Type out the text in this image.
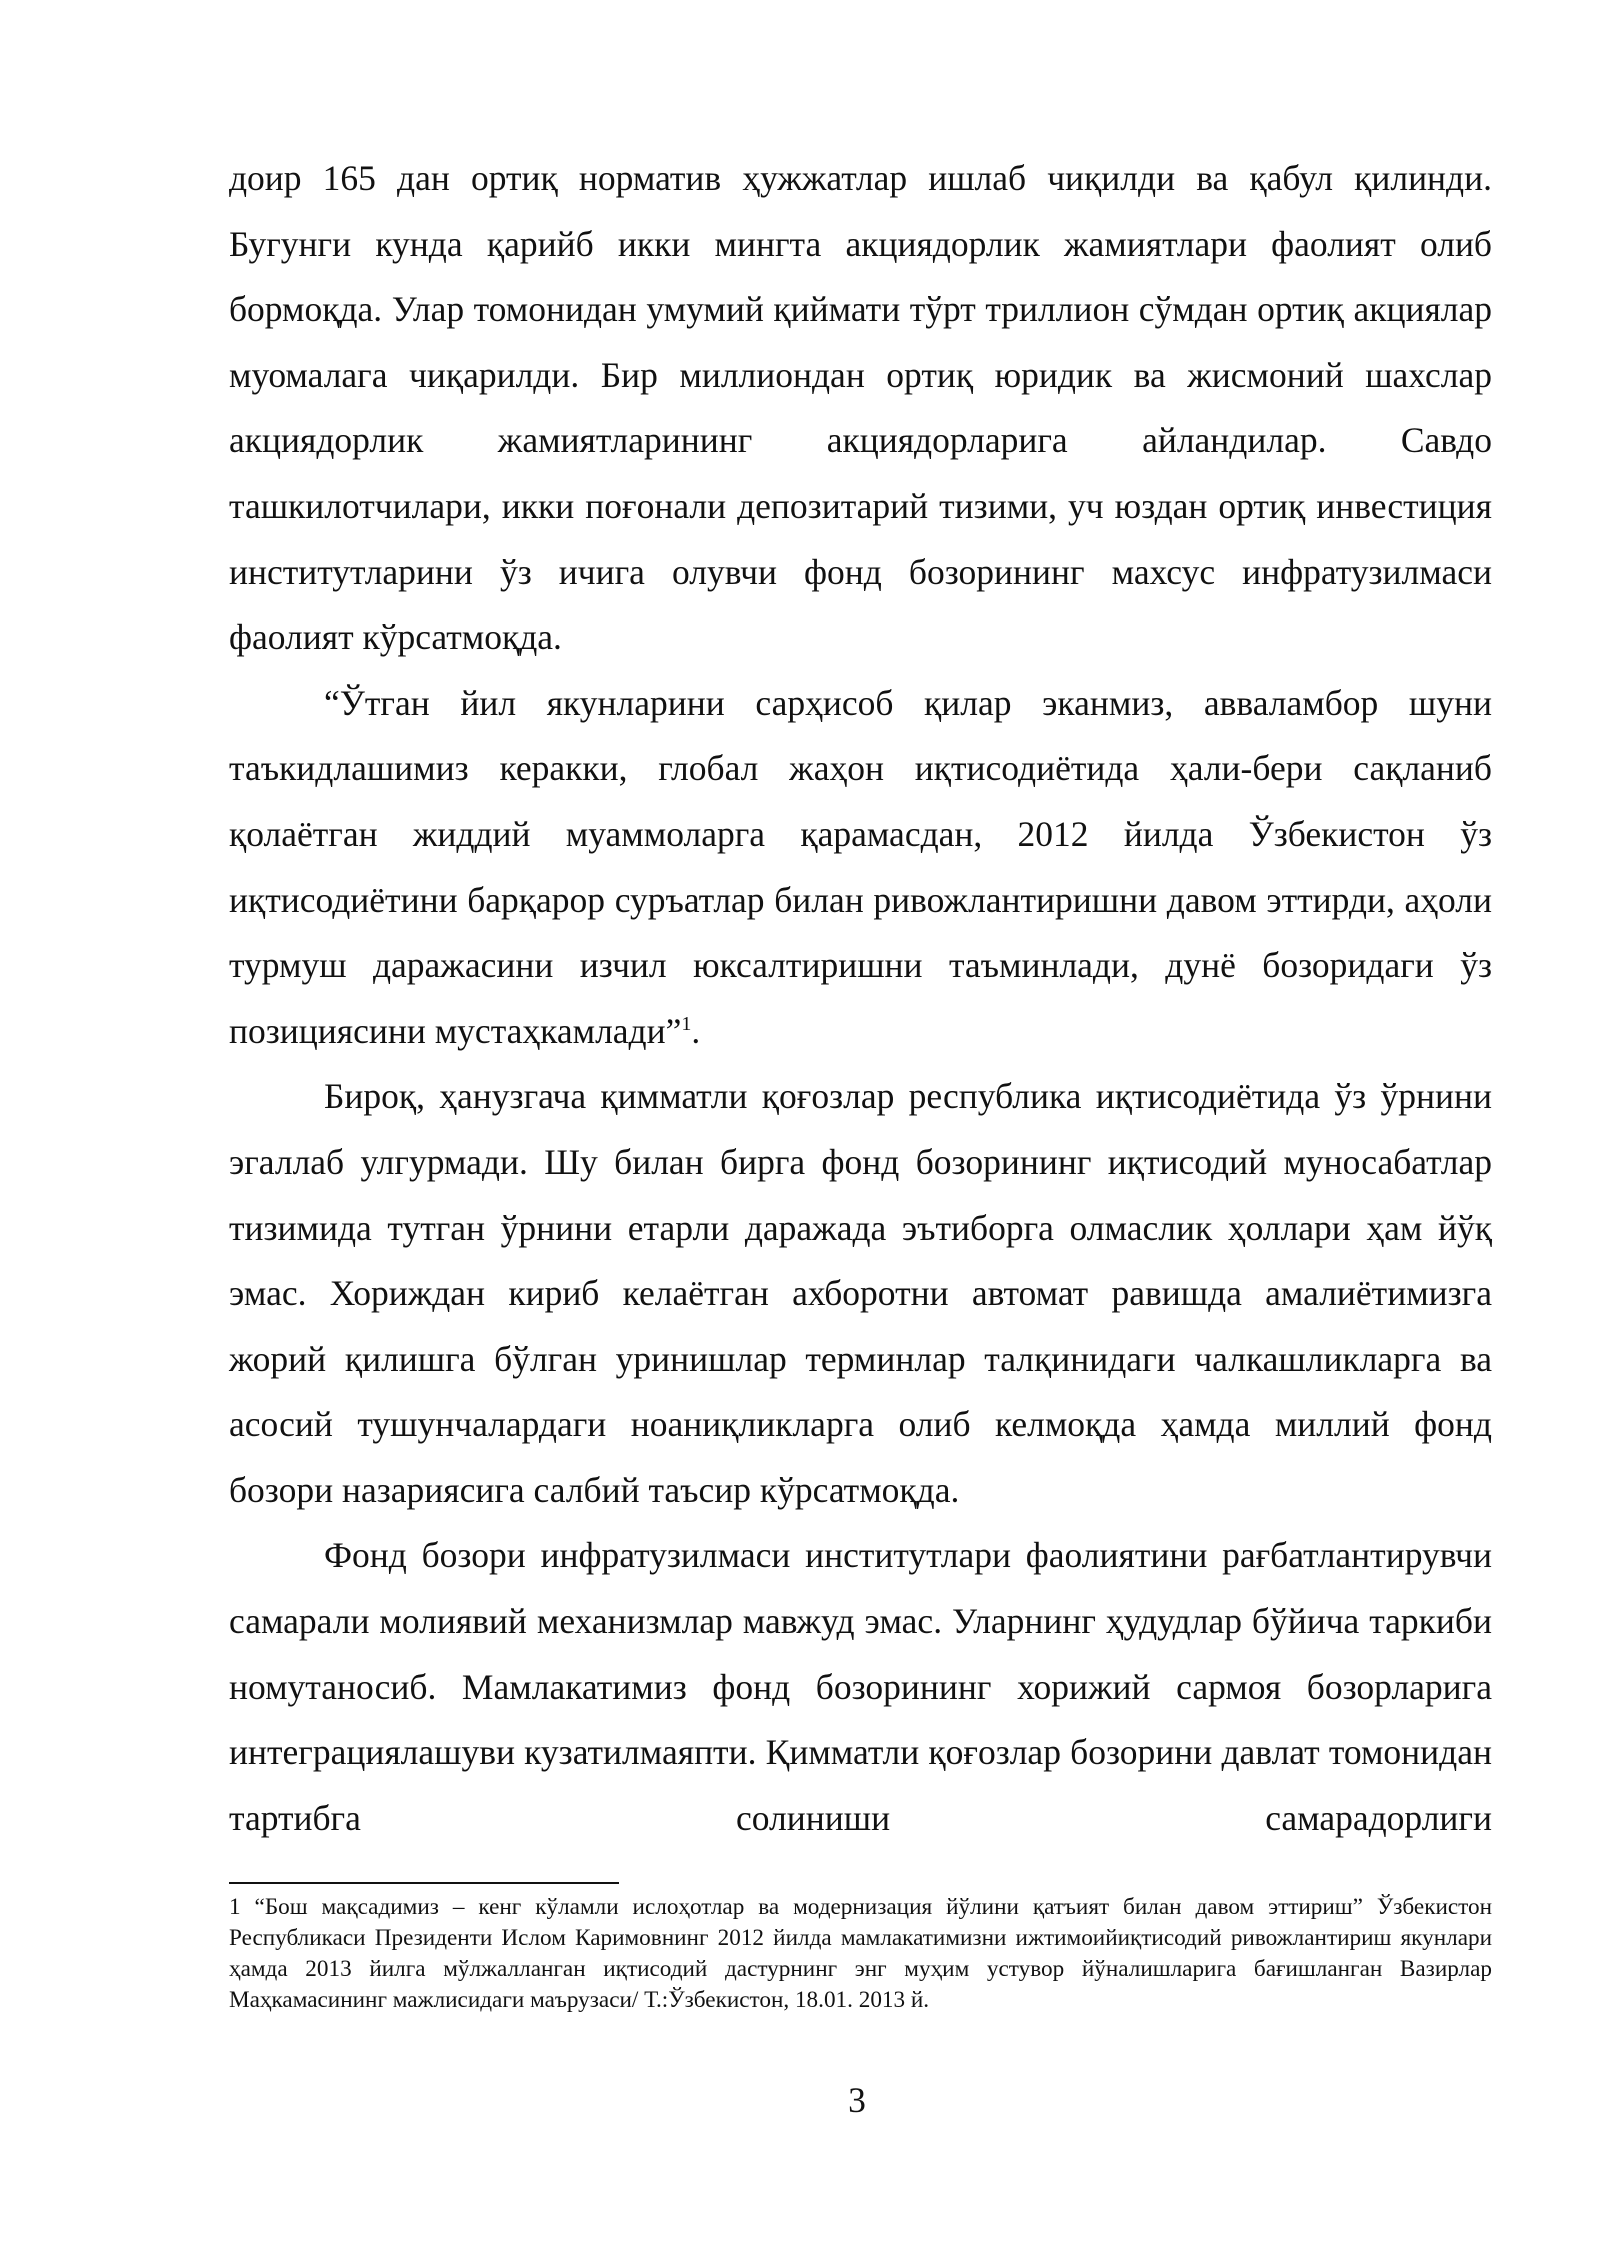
доир 165 дан ортиқ норматив ҳужжатлар ишлаб чиқилди ва қабул қилинди. Бугунги кунда қарийб икки мингта акциядорлик жамиятлари фаолият олиб бормоқда. Улар томонидан умумий қиймати тўрт триллион сўмдан ортиқ акциялар муомалага чиқарилди. Бир миллиондан ортиқ юридик ва жисмоний шахслар акциядорлик жамиятларининг акциядорларига айландилар. Савдо ташкилотчилари, икки поғонали депозитарий тизими, уч юздан ортиқ инвестиция институтларини ўз ичига олувчи фонд бозорининг махсус инфратузилмаси фаолият кўрсатмоқда.

“Ўтган йил якунларини сарҳисоб қилар эканмиз, авваламбор шуни таъкидлашимиз керакки, глобал жаҳон иқтисодиётида ҳали-бери сақланиб қолаётган жиддий муаммоларга қарамасдан, 2012 йилда Ўзбекистон ўз иқтисодиётини барқарор суръатлар билан ривожлантиришни давом эттирди, аҳоли турмуш даражасини изчил юксалтиришни таъминлади, дунё бозоридаги ўз позициясини мустаҳкамлади”$^1$.

Бироқ, ҳанузгача қимматли қоғозлар республика иқтисодиётида ўз ўрнини эгаллаб улгурмади. Шу билан бирга фонд бозорининг иқтисодий муносабатлар тизимида тутган ўрнини етарли даражада эътиборга олмаслик ҳоллари ҳам йўқ эмас. Хориждан кириб келаётган ахборотни автомат равишда амалиётимизга жорий қилишга бўлган уринишлар терминлар талқинидаги чалкашликларга ва асосий тушунчалардаги ноаниқликларга олиб келмоқда ҳамда миллий фонд бозори назариясига салбий таъсир кўрсатмоқда.

Фонд бозори инфратузилмаси институтлари фаолиятини рағбатлантирувчи самарали молиявий механизмлар мавжуд эмас. Уларнинг ҳудудлар бўйича таркиби номутаносиб. Мамлакатимиз фонд бозорининг хорижий сармоя бозорларига интеграциялашуви кузатилмаяпти. Қимматли қоғозлар бозорини давлат томонидан тартибга солиниши самарадорлиги

1 “Бош мақсадимиз – кенг кўламли ислоҳотлар ва модернизация йўлини қатъият билан давом эттириш” Ўзбекистон Республикаси Президенти Ислом Каримовнинг 2012 йилда мамлакатимизни ижтимоийиқтисодий ривожлантириш якунлари ҳамда 2013 йилга мўлжалланган иқтисодий дастурнинг энг муҳим устувор йўналишларига бағишланган Вазирлар Маҳкамасининг мажлисидаги маърузаси/ Т.:Ўзбекистон, 18.01. 2013 й.

3
